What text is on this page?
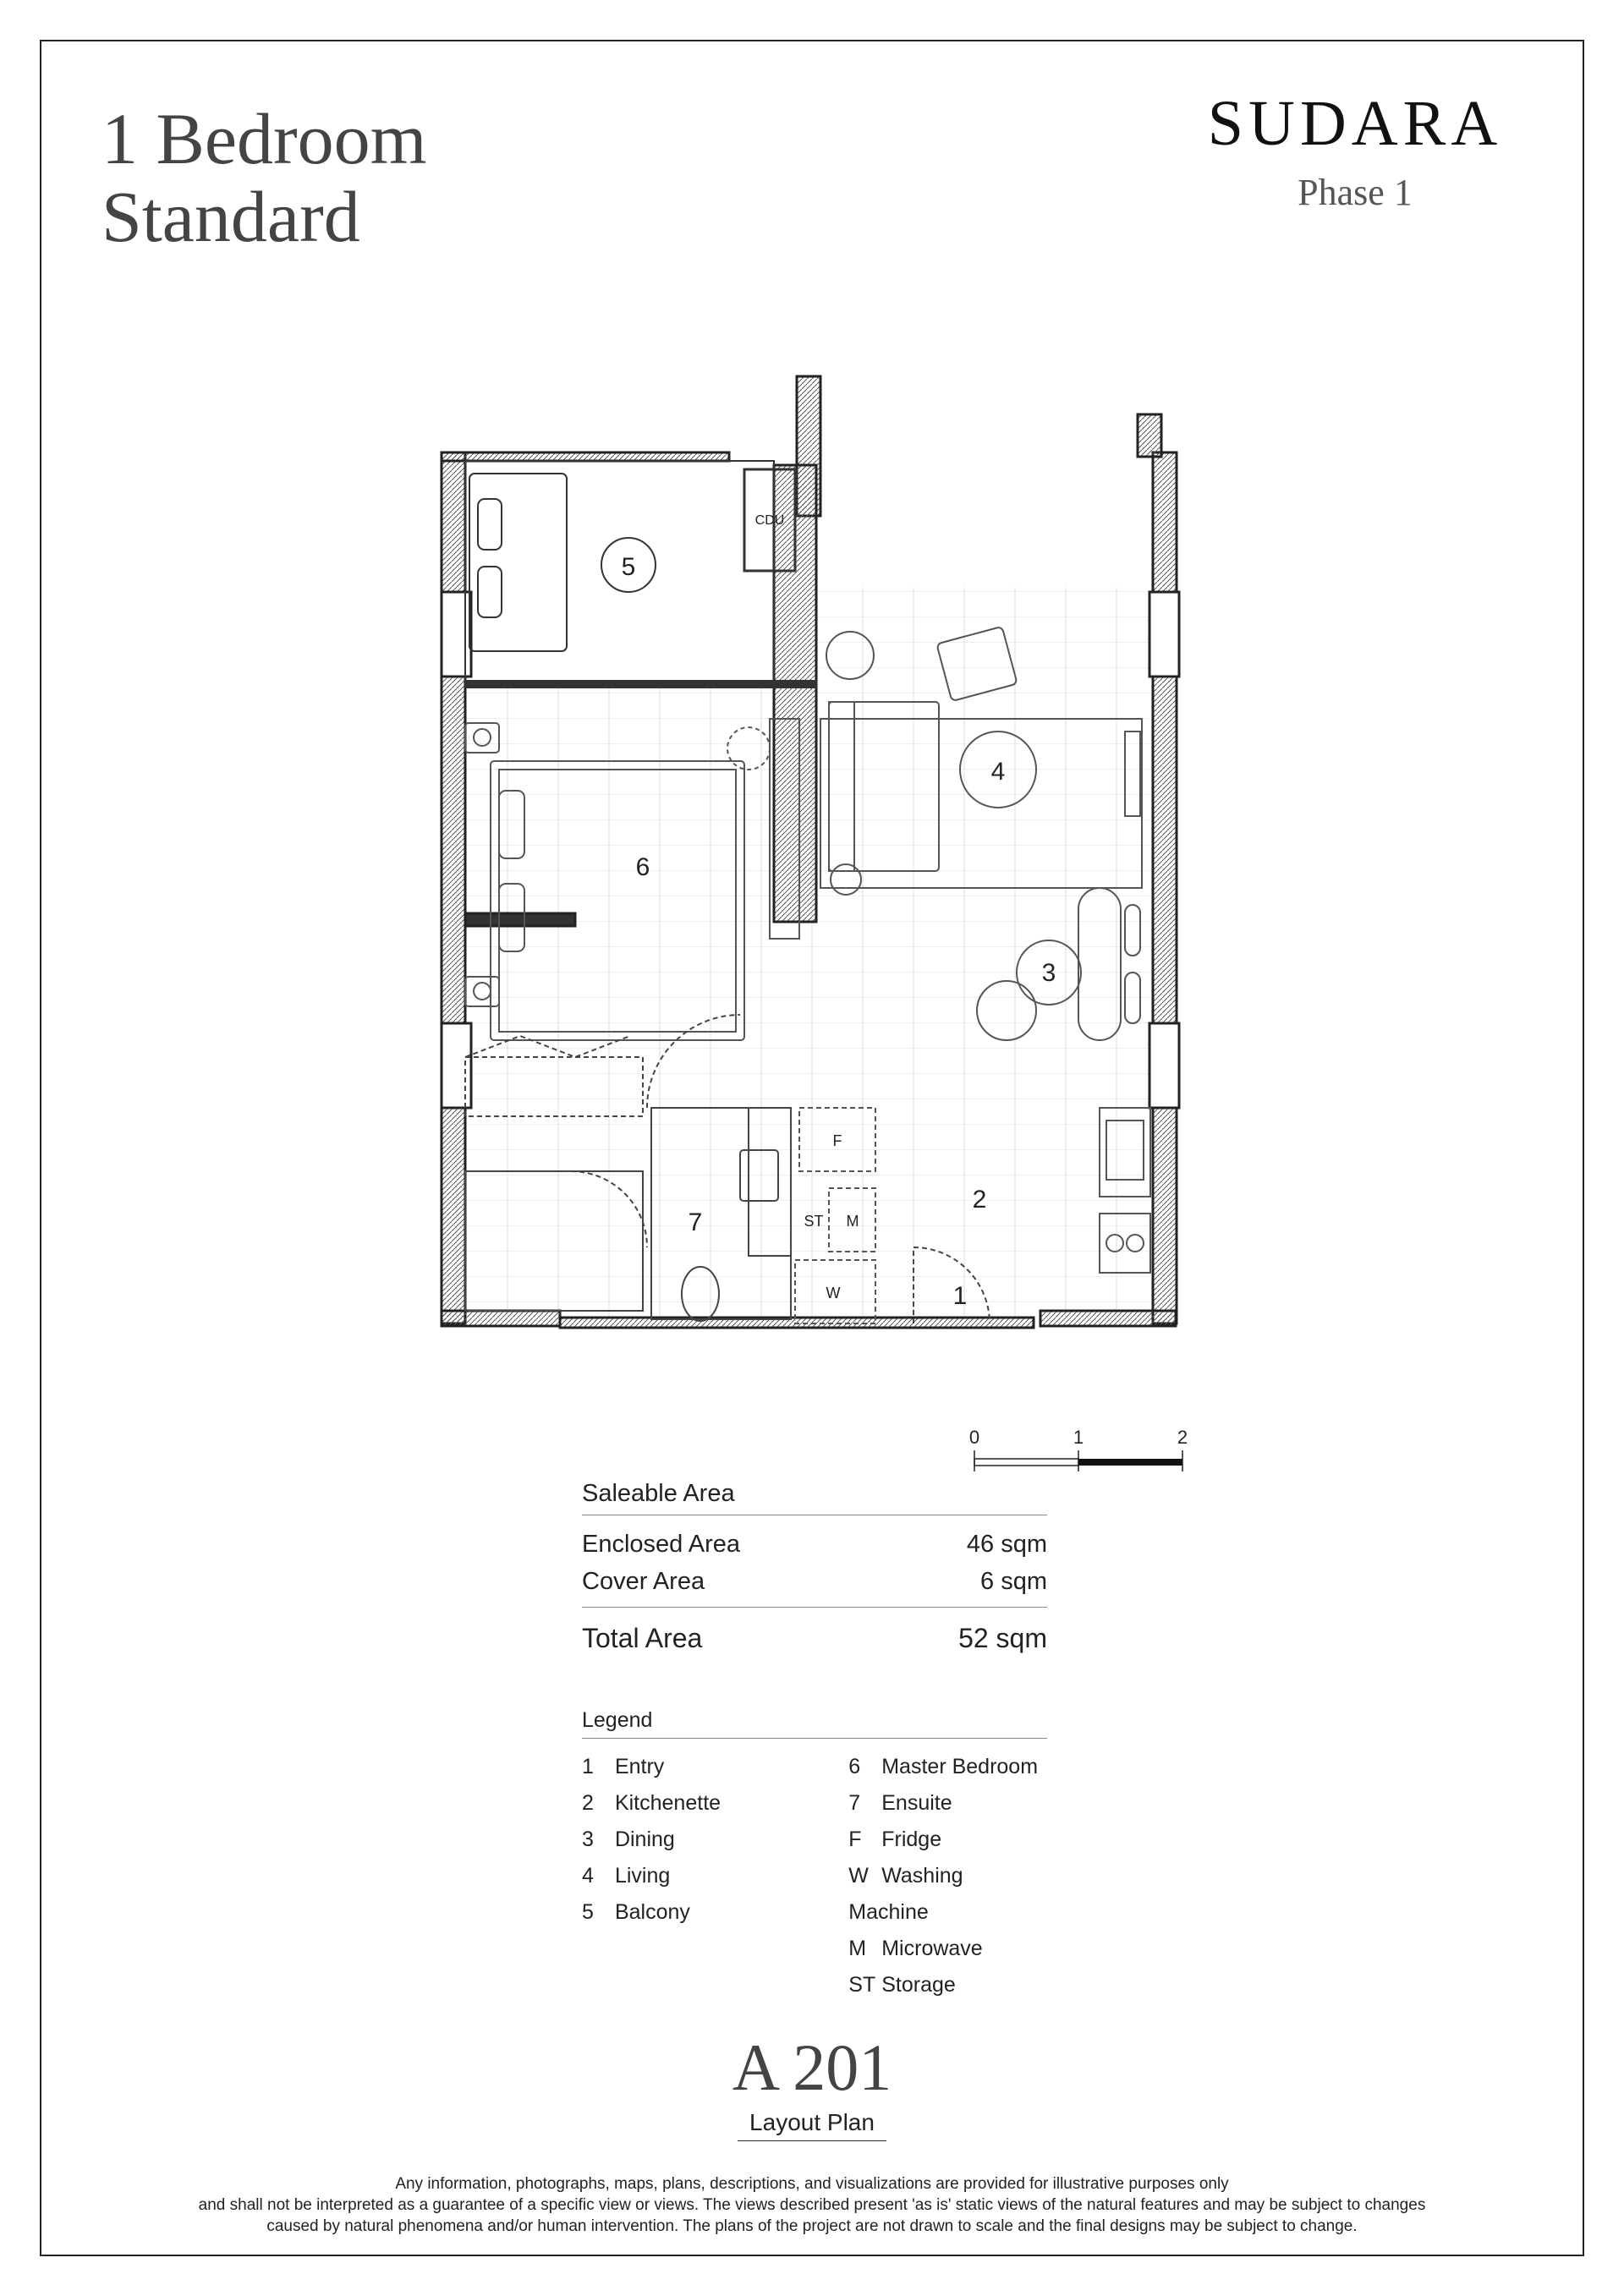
1 Bedroom
Standard
SUDARA
Phase 1
CDU
5
6
4
3
F
M
ST
W
2
1
7
0	1	2
Saleable Area
Enclosed Area	46 sqm
Cover Area	6 sqm
Total Area	52 sqm
Legend
1 Entry
2 Kitchenette
3 Dining
4 Living
5 Balcony
6 Master Bedroom
7 Ensuite
F Fridge
W Washing Machine
M Microwave
ST Storage
A 201
Layout Plan
Any information, photographs, maps, plans, descriptions, and visualizations are provided for illustrative purposes only
and shall not be interpreted as a guarantee of a specific view or views. The views described present 'as is' static views of the natural features and may be subject to changes
caused by natural phenomena and/or human intervention. The plans of the project are not drawn to scale and the final designs may be subject to change.
